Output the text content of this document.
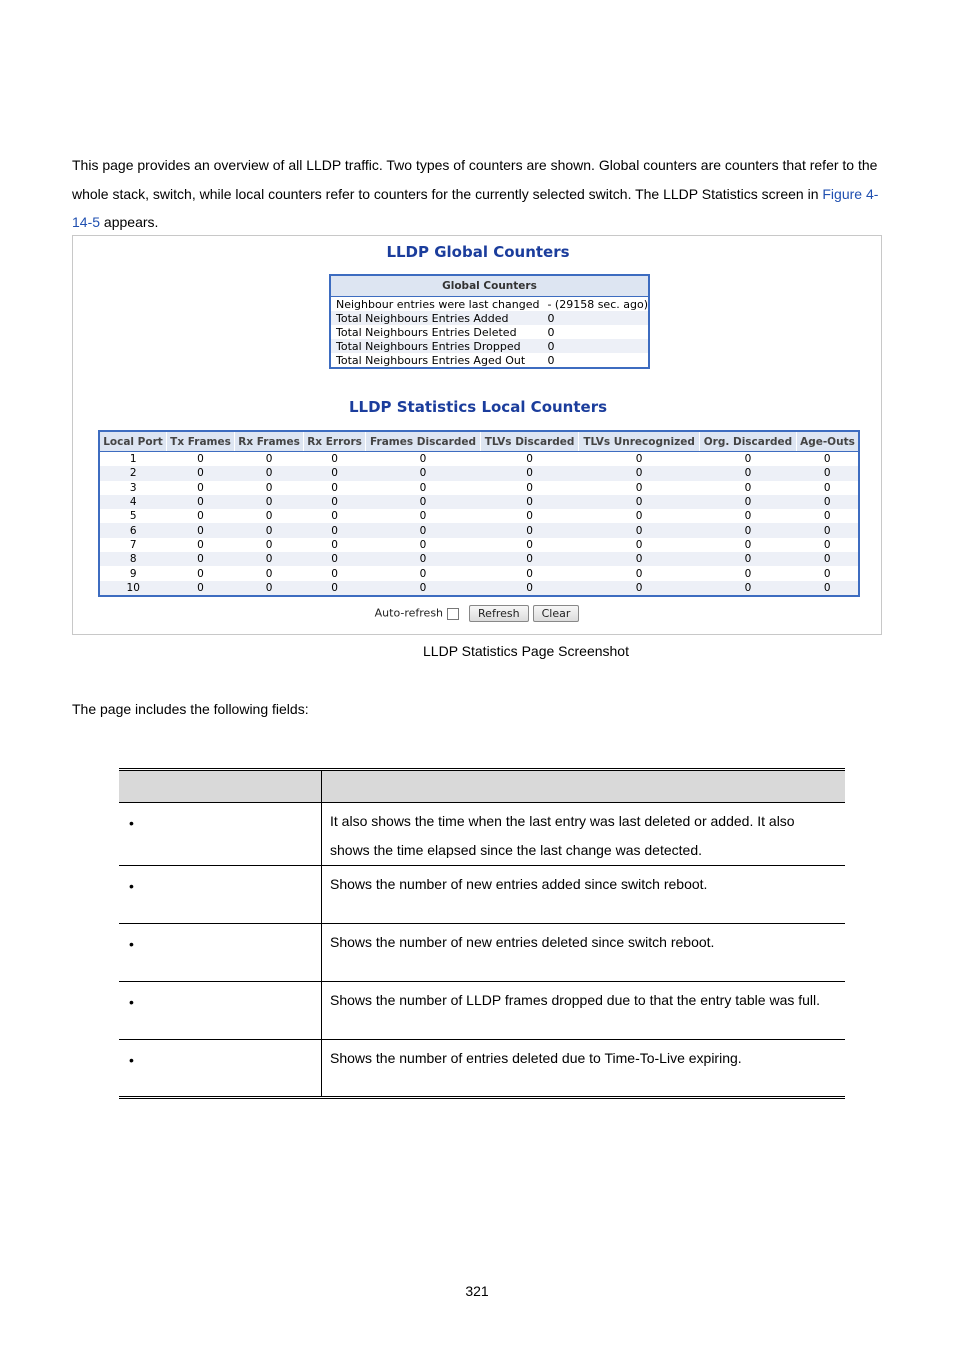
This page provides an overview of all LLDP traffic. Two types of counters are shown. Global counters are counters that refer to the whole stack, switch, while local counters refer to counters for the currently selected switch. The LLDP Statistics screen in Figure 4-14-5 appears.
LLDP Global Counters
Global Counters	
Neighbour entries were last changed	- (29158 sec. ago)
Total Neighbours Entries Added	0
Total Neighbours Entries Deleted	0
Total Neighbours Entries Dropped	0
Total Neighbours Entries Aged Out	0
LLDP Statistics Local Counters
Local Port	Tx Frames	Rx Frames	Rx Errors	Frames Discarded	TLVs Discarded	TLVs Unrecognized	Org. Discarded	Age-Outs
1	0	0	0	0	0	0	0	0
2	0	0	0	0	0	0	0	0
3	0	0	0	0	0	0	0	0
4	0	0	0	0	0	0	0	0
5	0	0	0	0	0	0	0	0
6	0	0	0	0	0	0	0	0
7	0	0	0	0	0	0	0	0
8	0	0	0	0	0	0	0	0
9	0	0	0	0	0	0	0	0
10	0	0	0	0	0	0	0	0
Auto-refresh	Refresh Clear
LLDP Statistics Page Screenshot
The page includes the following fields:

•	It also shows the time when the last entry was last deleted or added. It also shows the time elapsed since the last change was detected.
•	Shows the number of new entries added since switch reboot.
•	Shows the number of new entries deleted since switch reboot.
•	Shows the number of LLDP frames dropped due to that the entry table was full.
•	Shows the number of entries deleted due to Time-To-Live expiring.
321
